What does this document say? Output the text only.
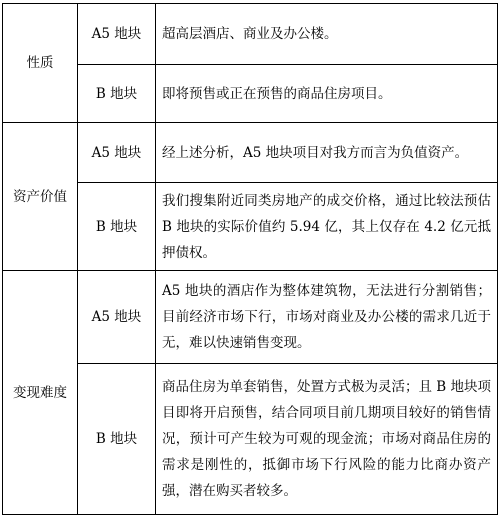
性质	A5 地块	超高层酒店、商业及办公楼。
	B 地块	即将预售或正在预售的商品住房项目。
资产价值	A5 地块	经上述分析，A5 地块项目对我方而言为负值资产。
	B 地块	我们搜集附近同类房地产的成交价格，通过比较法预估 B 地块的实际价值约 5.94 亿，其上仅存在 4.2 亿元抵押债权。
变现难度	A5 地块	A5 地块的酒店作为整体建筑物，无法进行分割销售；目前经济市场下行，市场对商业及办公楼的需求几近于无，难以快速销售变现。
	B 地块	商品住房为单套销售，处置方式极为灵活；且 B 地块项目即将开启预售，结合同项目前几期项目较好的销售情况，预计可产生较为可观的现金流；市场对商品住房的需求是刚性的，抵御市场下行风险的能力比商办资产强，潜在购买者较多。
